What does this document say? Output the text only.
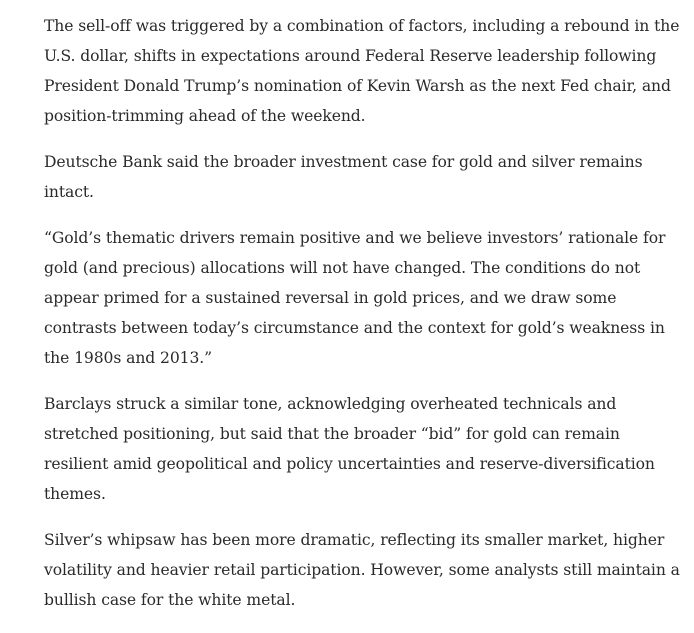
The sell-off was triggered by a combination of factors, including a rebound in the U.S. dollar, shifts in expectations around Federal Reserve leadership following President Donald Trump’s nomination of Kevin Warsh as the next Fed chair, and position-trimming ahead of the weekend.

Deutsche Bank said the broader investment case for gold and silver remains intact.

“Gold’s thematic drivers remain positive and we believe investors’ rationale for gold (and precious) allocations will not have changed. The conditions do not appear primed for a sustained reversal in gold prices, and we draw some contrasts between today’s circumstance and the context for gold’s weakness in the 1980s and 2013.”

Barclays struck a similar tone, acknowledging overheated technicals and stretched positioning, but said that the broader “bid” for gold can remain resilient amid geopolitical and policy uncertainties and reserve-diversification themes.

Silver’s whipsaw has been more dramatic, reflecting its smaller market, higher volatility and heavier retail participation. However, some analysts still maintain a bullish case for the white metal.
